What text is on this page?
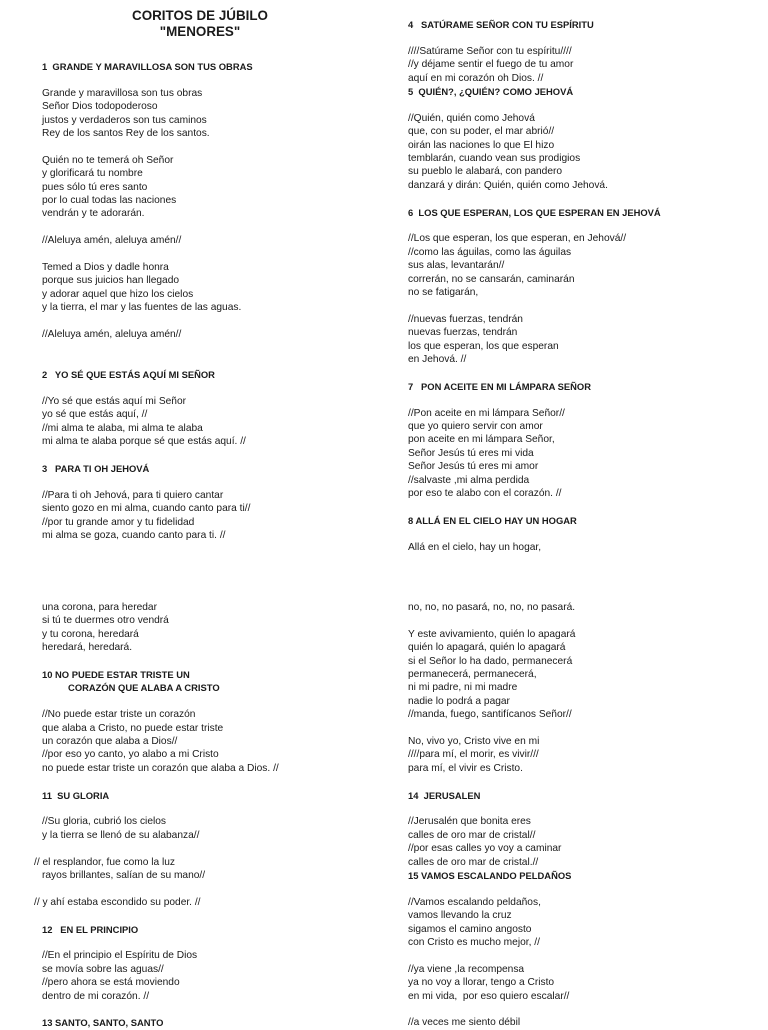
CORITOS DE JÚBILO
"MENORES"
1  GRANDE Y MARAVILLOSA SON TUS OBRAS
Grande y maravillosa son tus obras
Señor Dios todopoderoso
justos y verdaderos son tus caminos
Rey de los santos Rey de los santos.
Quién no te temerá oh Señor
y glorificará tu nombre
pues sólo tú eres santo
por lo cual todas las naciones
vendrán y te adorarán.
//Aleluya amén, aleluya amén//
Temed a Dios y dadle honra
porque sus juicios han llegado
y adorar aquel que hizo los cielos
y la tierra, el mar y las fuentes de las aguas.
//Aleluya amén, aleluya amén//
2   YO SÉ QUE ESTÁS AQUÍ MI SEÑOR
//Yo sé que estás aquí mi Señor
yo sé que estás aquí, //
//mi alma te alaba, mi alma te alaba
mi alma te alaba porque sé que estás aquí. //
3   PARA TI OH JEHOVÁ
//Para ti oh Jehová, para ti quiero cantar
siento gozo en mi alma, cuando canto para ti//
//por tu grande amor y tu fidelidad
mi alma se goza, cuando canto para ti. //
4   SATÚRAME SEÑOR CON TU ESPÍRITU
////Satúrame Señor con tu espíritu////
//y déjame sentir el fuego de tu amor
aquí en mi corazón oh Dios. //
5  QUIÉN?, ¿QUIÉN? COMO JEHOVÁ
//Quién, quién como Jehová
que, con su poder, el mar abrió//
oirán las naciones lo que El hizo
temblarán, cuando vean sus prodigios
su pueblo le alabará, con pandero
danzará y dirán: Quién, quién como Jehová.
6  LOS QUE ESPERAN, LOS QUE ESPERAN EN JEHOVÁ
//Los que esperan, los que esperan, en Jehová//
//como las águilas, como las águilas
sus alas, levantarán//
correrán, no se cansarán, caminarán
no se fatigarán,
//nuevas fuerzas, tendrán
nuevas fuerzas, tendrán
los que esperan, los que esperan
en Jehová. //
7   PON ACEITE EN MI LÁMPARA SEÑOR
//Pon aceite en mi lámpara Señor//
que yo quiero servir con amor
pon aceite en mi lámpara Señor,
Señor Jesús tú eres mi vida
Señor Jesús tú eres mi amor
//salvaste ,mi alma perdida
por eso te alabo con el corazón. //
8 ALLÁ EN EL CIELO HAY UN HOGAR
Allá en el cielo, hay un hogar,
una corona, para heredar
si tú te duermes otro vendrá
y tu corona, heredará
heredará, heredará.
10 NO PUEDE ESTAR TRISTE UN
CORAZÓN QUE ALABA A CRISTO
//No puede estar triste un corazón
que alaba a Cristo, no puede estar triste
un corazón que alaba a Dios//
//por eso yo canto, yo alabo a mi Cristo
no puede estar triste un corazón que alaba a Dios. //
11  SU GLORIA
//Su gloria, cubrió los cielos
y la tierra se llenó de su alabanza//
// el resplandor, fue como la luz
rayos brillantes, salían de su mano//
// y ahí estaba escondido su poder. //
12   EN EL PRINCIPIO
//En el principio el Espíritu de Dios
se movía sobre las aguas//
//pero ahora se está moviendo
dentro de mi corazón. //
13 SANTO, SANTO, SANTO
no, no, no pasará, no, no, no pasará.
Y este avivamiento, quién lo apagará
quién lo apagará, quién lo apagará
si el Señor lo ha dado, permanecerá
permanecerá, permanecerá,
ni mi padre, ni mi madre
nadie lo podrá a pagar
//manda, fuego, santifícanos Señor//
No, vivo yo, Cristo vive en mi
////para mí, el morir, es vivir///
para mí, el vivir es Cristo.
14  JERUSALEN
//Jerusalén que bonita eres
calles de oro mar de cristal//
//por esas calles yo voy a caminar
calles de oro mar de cristal.//
15 VAMOS ESCALANDO PELDAÑOS
//Vamos escalando peldaños,
vamos llevando la cruz
sigamos el camino angosto
con Cristo es mucho mejor, //
//ya viene ,la recompensa
ya no voy a llorar, tengo a Cristo
en mi vida,  por eso quiero escalar//
//a veces me siento débil
